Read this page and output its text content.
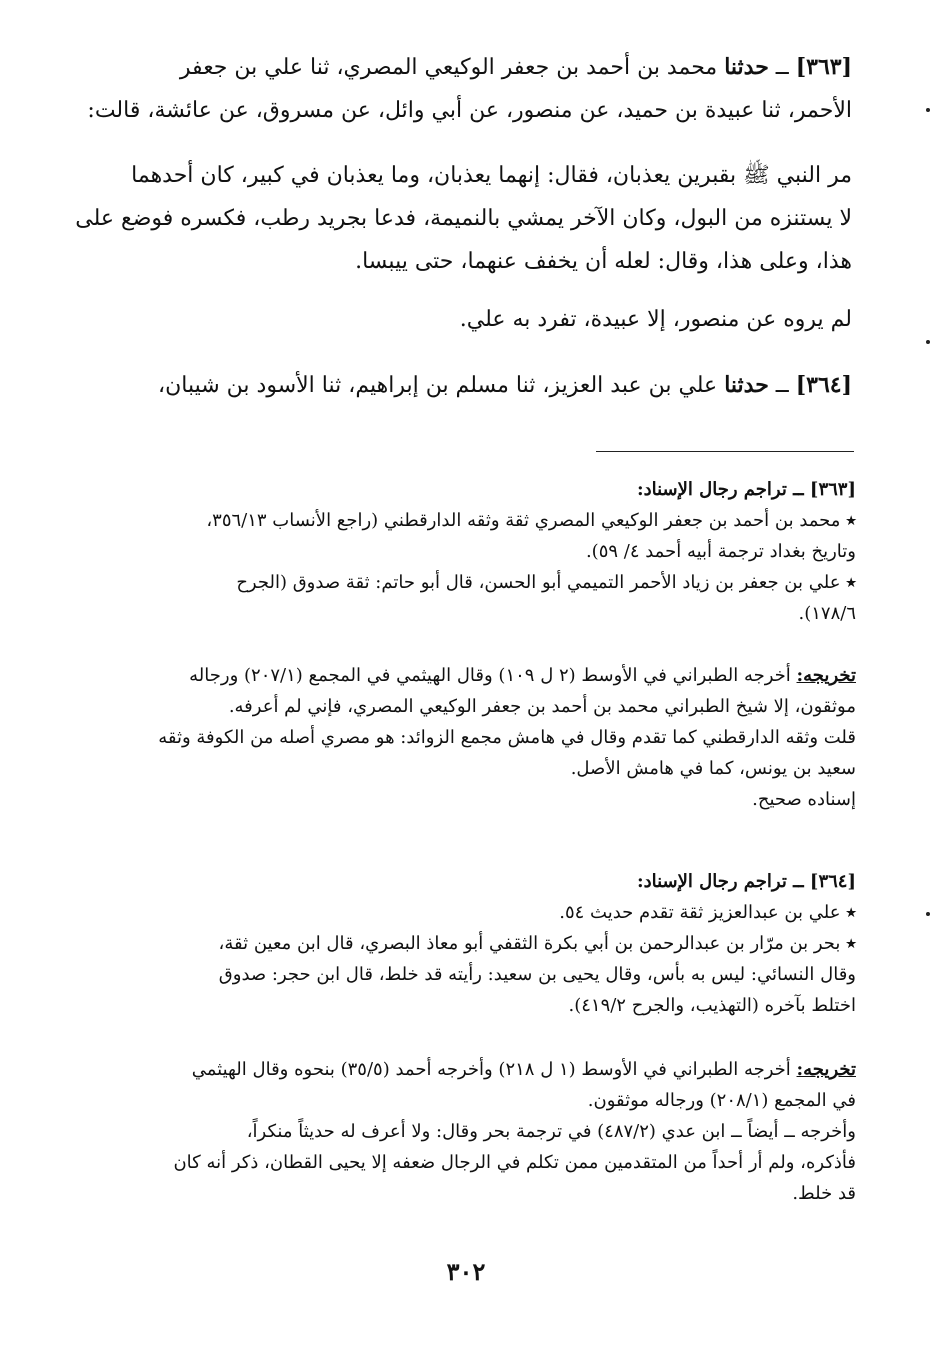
[٣٦٣] ــ حدثنا محمد بن أحمد بن جعفر الوكيعي المصري، ثنا علي بن جعفر

الأحمر، ثنا عبيدة بن حميد، عن منصور، عن أبي وائل، عن مسروق، عن عائشة، قالت:

مر النبي ﷺ بقبرين يعذبان، فقال: إنهما يعذبان، وما يعذبان في كبير، كان أحدهما

لا يستنزه من البول، وكان الآخر يمشي بالنميمة، فدعا بجريد رطب، فكسره فوضع على

هذا، وعلى هذا، وقال: لعله أن يخفف عنهما، حتى ييبسا.

لم يروه عن منصور، إلا عبيدة، تفرد به علي.

[٣٦٤] ــ حدثنا علي بن عبد العزيز، ثنا مسلم بن إبراهيم، ثنا الأسود بن شيبان،

[٣٦٣] ــ تراجم رجال الإسناد:

٭ محمد بن أحمد بن جعفر الوكيعي المصري ثقة وثقه الدارقطني (راجع الأنساب ٣٥٦/١٣،

وتاريخ بغداد ترجمة أبيه أحمد ٤/ ٥٩).

٭ علي بن جعفر بن زياد الأحمر التميمي أبو الحسن، قال أبو حاتم: ثقة صدوق (الجرح

١٧٨/٦).

تخريجه: أخرجه الطبراني في الأوسط (٢ ل ١٠٩) وقال الهيثمي في المجمع (٢٠٧/١) ورجاله

موثقون، إلا شيخ الطبراني محمد بن أحمد بن جعفر الوكيعي المصري، فإني لم أعرفه.

قلت وثقه الدارقطني كما تقدم وقال في هامش مجمع الزوائد: هو مصري أصله من الكوفة وثقه

سعيد بن يونس، كما في هامش الأصل.

إسناده صحيح.

[٣٦٤] ــ تراجم رجال الإسناد:

٭ علي بن عبدالعزيز ثقة تقدم حديث ٥٤.

٭ بحر بن مرّار بن عبدالرحمن بن أبي بكرة الثقفي أبو معاذ البصري، قال ابن معين ثقة،

وقال النسائي: ليس به بأس، وقال يحيى بن سعيد: رأيته قد خلط، قال ابن حجر: صدوق

اختلط بآخره (التهذيب، والجرح ٤١٩/٢).

تخريجه: أخرجه الطبراني في الأوسط (١ ل ٢١٨) وأخرجه أحمد (٣٥/٥) بنحوه وقال الهيثمي

في المجمع (٢٠٨/١) ورجاله موثقون.

وأخرجه ــ أيضاً ــ ابن عدي (٤٨٧/٢) في ترجمة بحر وقال: ولا أعرف له حديثاً منكراً،

فأذكره، ولم أر أحداً من المتقدمين ممن تكلم في الرجال ضعفه إلا يحيى القطان، ذكر أنه كان

قد خلط.

٣٠٢
